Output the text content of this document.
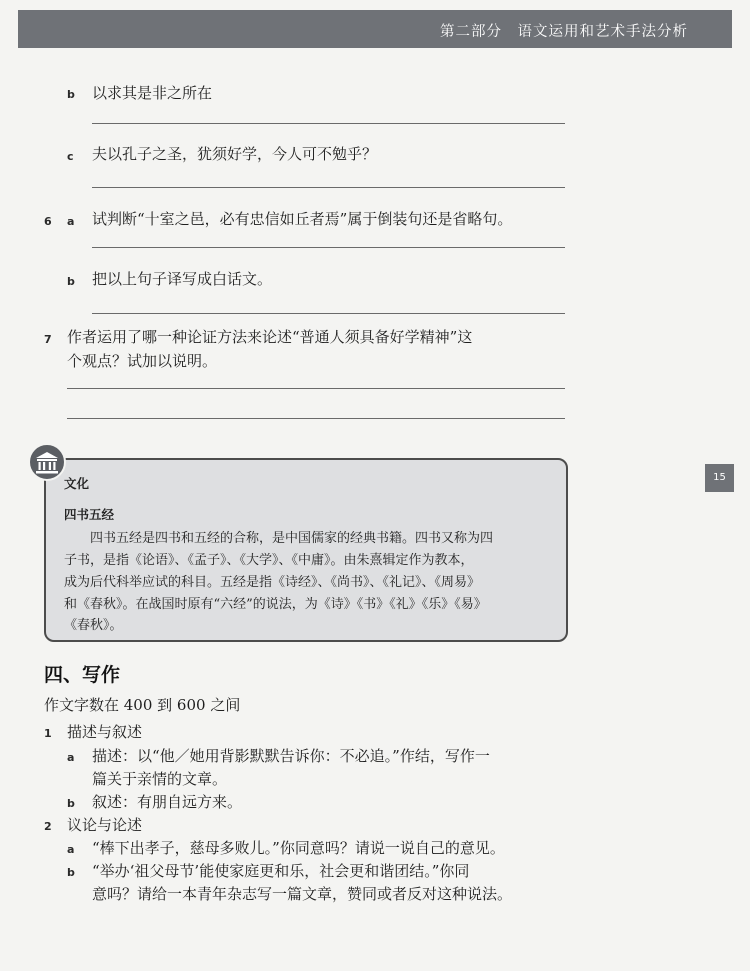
第二部分　语文运用和艺术手法分析
b 以求其是非之所在
c 夫以孔子之圣，犹须好学，今人可不勉乎？
6 a 试判断“十室之邑，必有忠信如丘者焉”属于倒装句还是省略句。
b 把以上句子译写成白话文。
7 作者运用了哪一种论证方法来论述“普通人须具备好学精神”这
个观点？试加以说明。
15
文化
四书五经
四书五经是四书和五经的合称，是中国儒家的经典书籍。四书又称为四
子书，是指《论语》、《孟子》、《大学》、《中庸》。由朱熹辑定作为教本，
成为后代科举应试的科目。五经是指《诗经》、《尚书》、《礼记》、《周易》
和《春秋》。在战国时原有“六经”的说法，为《诗》《书》《礼》《乐》《易》
《春秋》。
四、写作
作文字数在 400 到 600 之间
1 描述与叙述
a 描述：以“他／她用背影默默告诉你：不必追。”作结，写作一
篇关于亲情的文章。
b 叙述：有朋自远方来。
2 议论与论述
a “棒下出孝子，慈母多败儿。”你同意吗？请说一说自己的意见。
b “举办‘祖父母节’能使家庭更和乐，社会更和谐团结。”你同
意吗？请给一本青年杂志写一篇文章，赞同或者反对这种说法。
